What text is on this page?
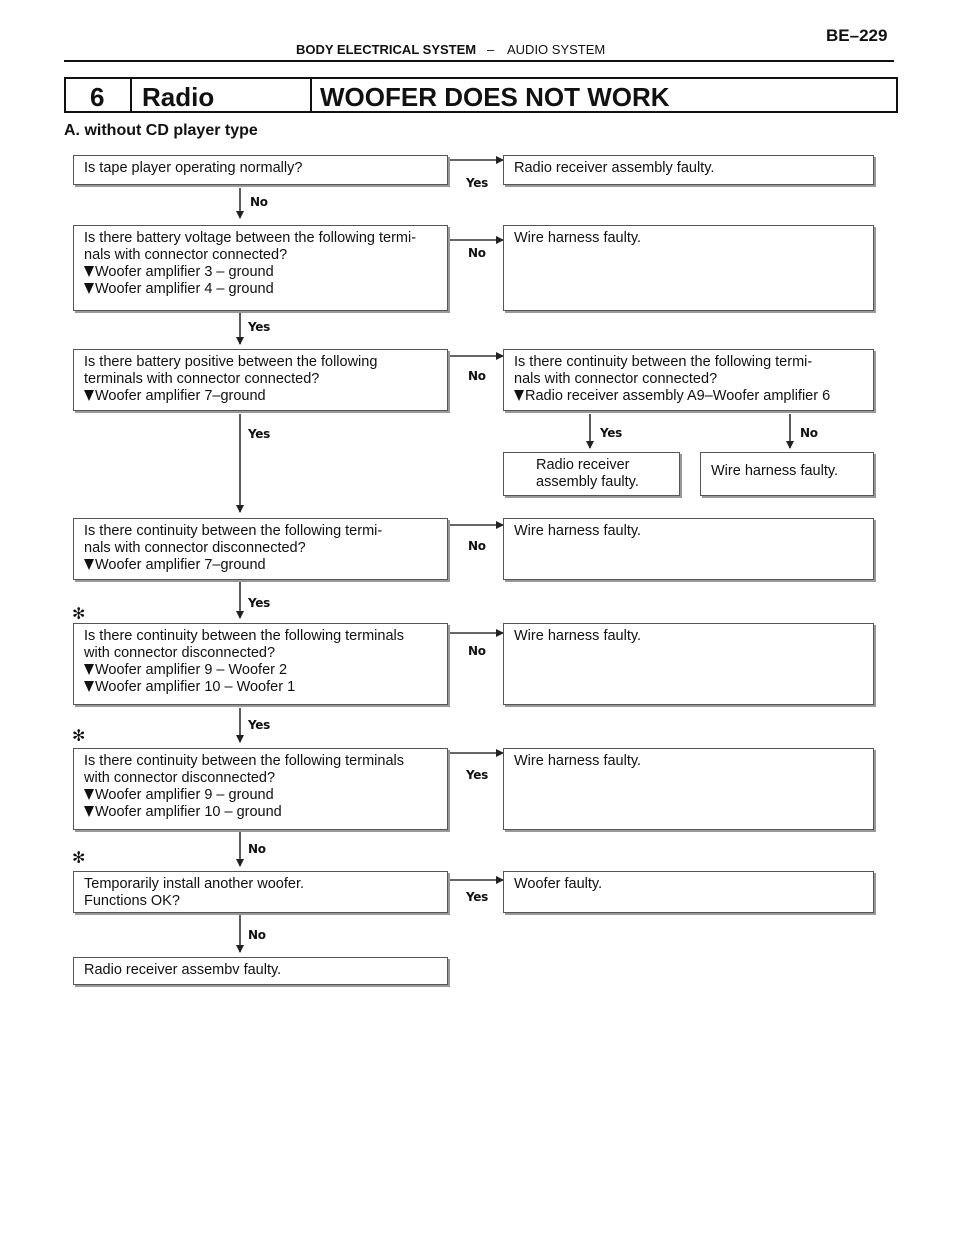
BODY ELECTRICAL SYSTEM – AUDIO SYSTEM
BE–229
6 Radio	WOOFER DOES NOT WORK
A. without CD player type
Yes
No
No
Yes
No
Yes	Yes	No
No
Yes
No
Yes
Yes
No
Yes
No
✻
✻
✻
Is tape player operating normally?	Radio receiver assembly faulty.
Is there battery voltage between the following termi-
nals with connector connected?
Woofer amplifier 3 – ground
Woofer amplifier 4 – ground
Wire harness faulty.
Is there battery positive between the following
terminals with connector connected?
Woofer amplifier 7–ground
Is there continuity between the following termi-
nals with connector connected?
Radio receiver assembly A9–Woofer amplifier 6
Radio receiver
assembly faulty.
Wire harness faulty.
Is there continuity between the following termi-
nals with connector disconnected?
Woofer amplifier 7–ground
Wire harness faulty.
Is there continuity between the following terminals
with connector disconnected?
Woofer amplifier 9 – Woofer 2
Woofer amplifier 10 – Woofer 1
Wire harness faulty.
Is there continuity between the following terminals
with connector disconnected?
Woofer amplifier 9 – ground
Woofer amplifier 10 – ground
Wire harness faulty.
Temporarily install another woofer.
Functions OK?
Woofer faulty.
Radio receiver assembv faulty.
